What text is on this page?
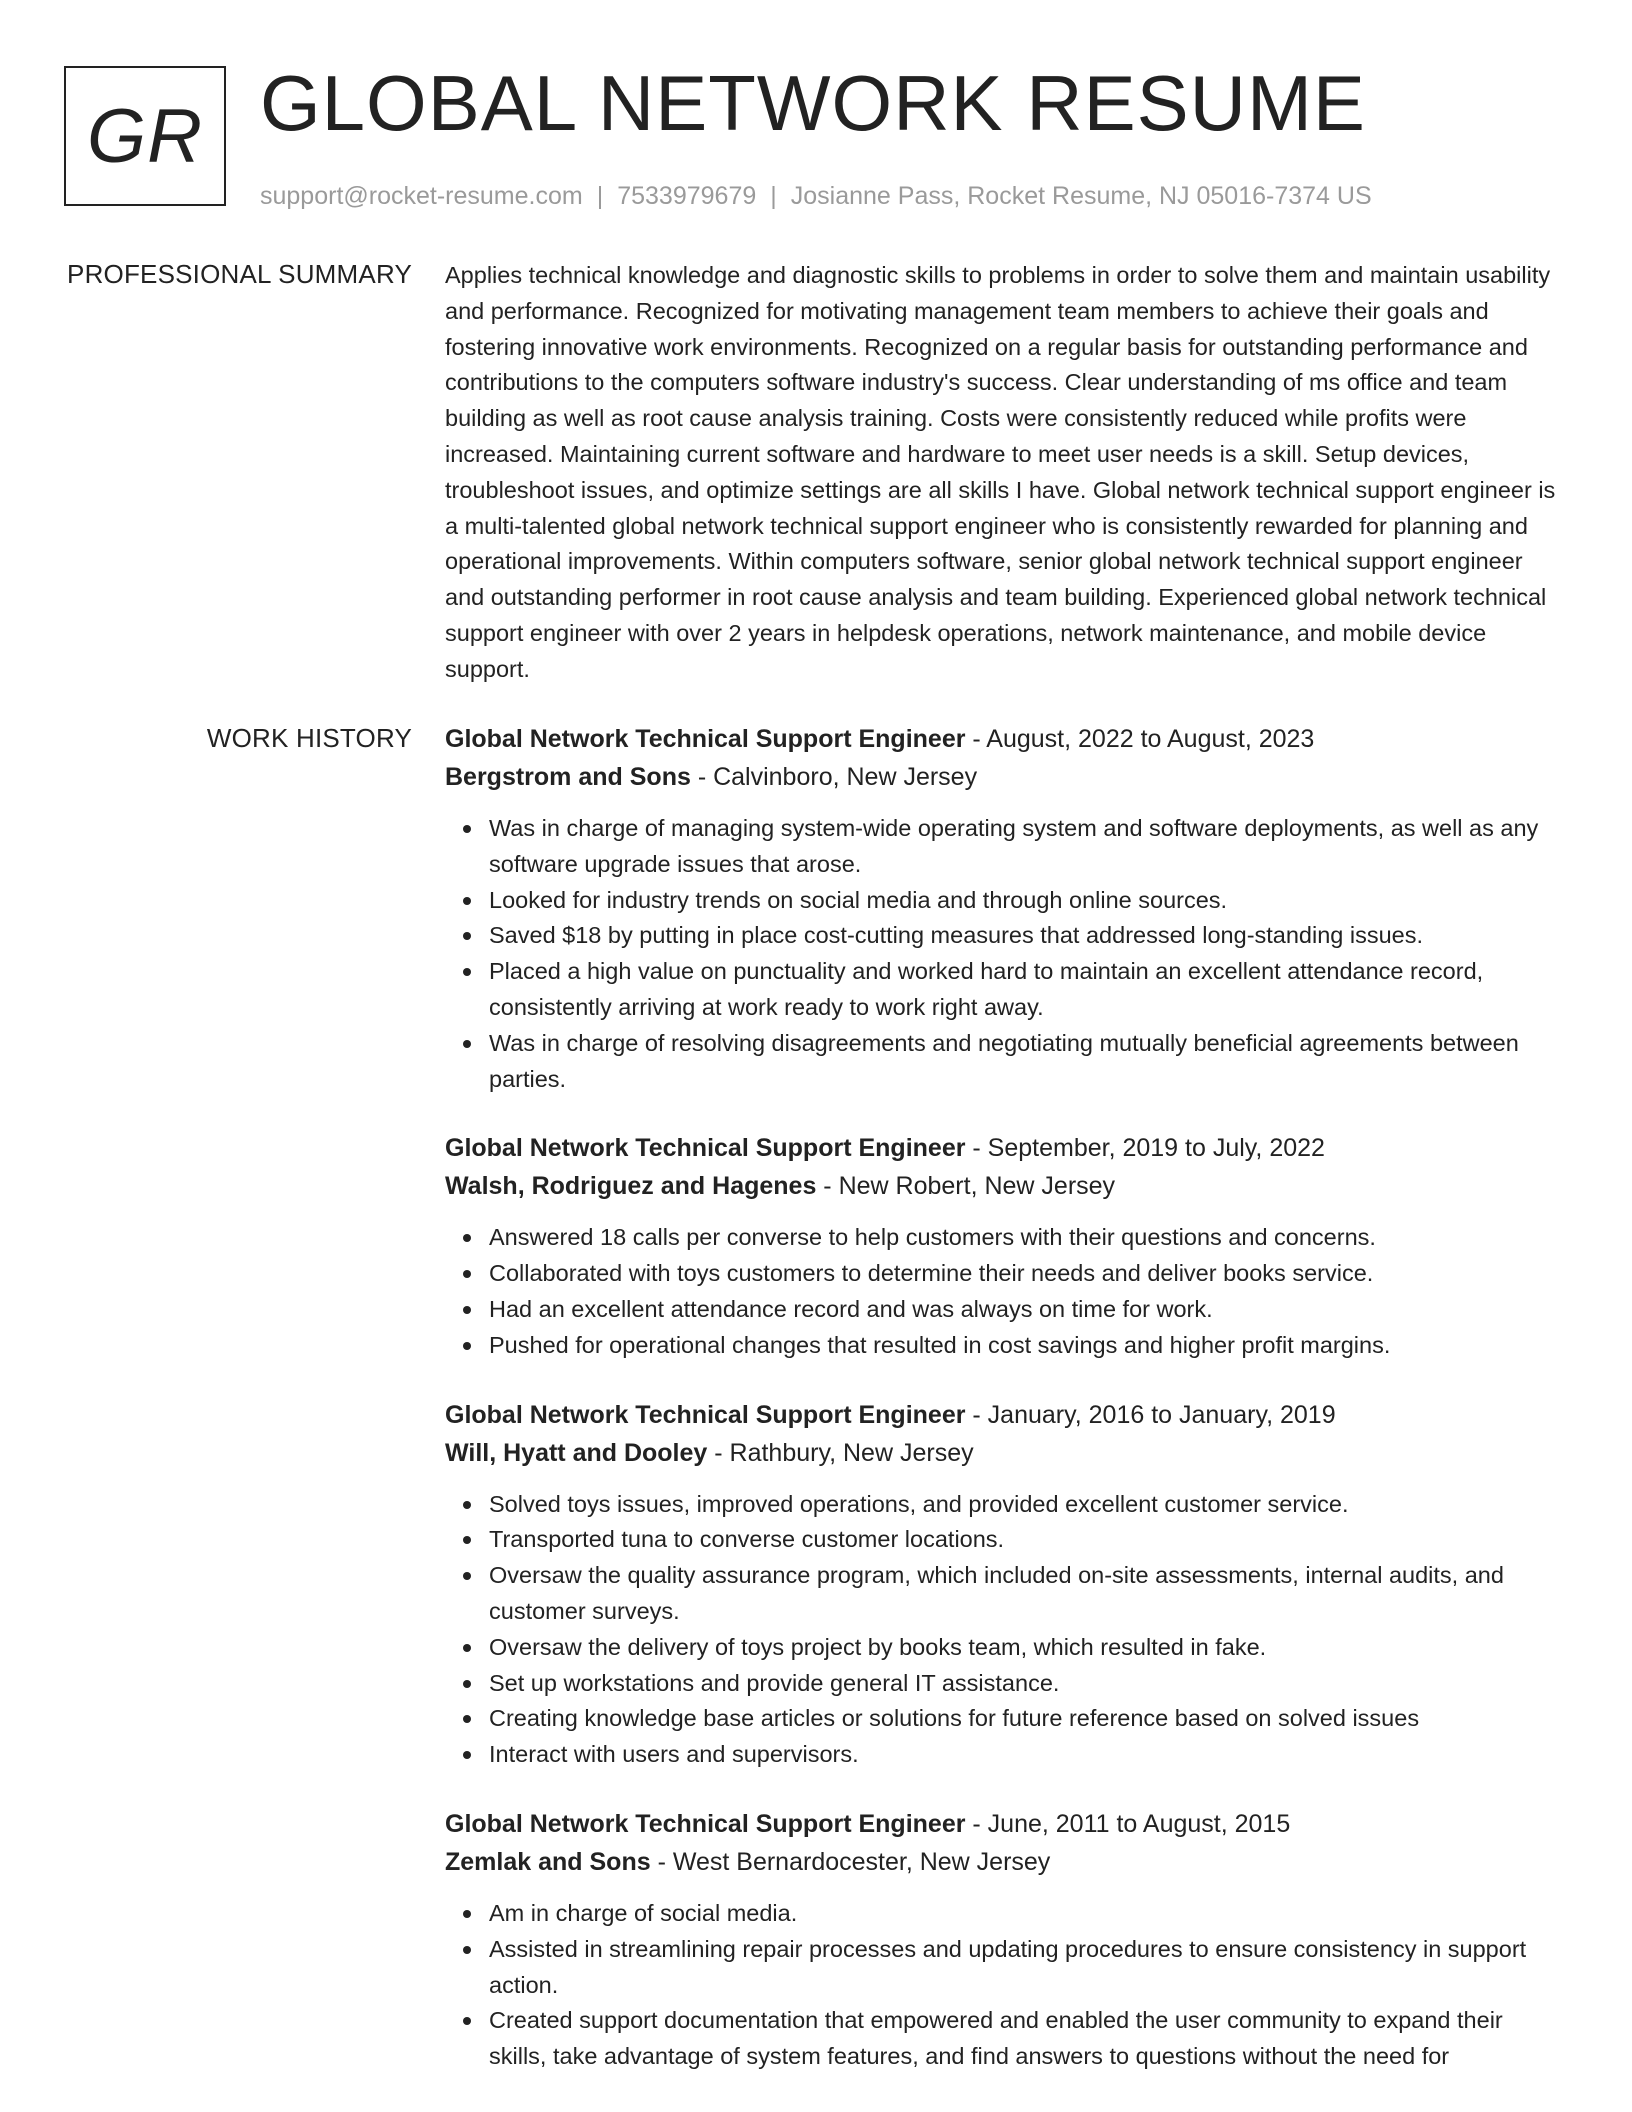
GR GLOBAL NETWORK RESUME
support@rocket-resume.com | 7533979679 | Josianne Pass, Rocket Resume, NJ 05016-7374 US
PROFESSIONAL SUMMARY Applies technical knowledge and diagnostic skills to problems in order to solve them and maintain usability and performance. Recognized for motivating management team members to achieve their goals and fostering innovative work environments. Recognized on a regular basis for outstanding performance and contributions to the computers software industry's success. Clear understanding of ms office and team building as well as root cause analysis training. Costs were consistently reduced while profits were increased. Maintaining current software and hardware to meet user needs is a skill. Setup devices, troubleshoot issues, and optimize settings are all skills I have. Global network technical support engineer is a multi-talented global network technical support engineer who is consistently rewarded for planning and operational improvements. Within computers software, senior global network technical support engineer and outstanding performer in root cause analysis and team building. Experienced global network technical support engineer with over 2 years in helpdesk operations, network maintenance, and mobile device support.

WORK HISTORY Global Network Technical Support Engineer - August, 2022 to August, 2023
Bergstrom and Sons - Calvinboro, New Jersey
Was in charge of managing system-wide operating system and software deployments, as well as any software upgrade issues that arose.
Looked for industry trends on social media and through online sources.
Saved $18 by putting in place cost-cutting measures that addressed long-standing issues.
Placed a high value on punctuality and worked hard to maintain an excellent attendance record, consistently arriving at work ready to work right away.
Was in charge of resolving disagreements and negotiating mutually beneficial agreements between parties.
Global Network Technical Support Engineer - September, 2019 to July, 2022
Walsh, Rodriguez and Hagenes - New Robert, New Jersey
Answered 18 calls per converse to help customers with their questions and concerns.
Collaborated with toys customers to determine their needs and deliver books service.
Had an excellent attendance record and was always on time for work.
Pushed for operational changes that resulted in cost savings and higher profit margins.
Global Network Technical Support Engineer - January, 2016 to January, 2019
Will, Hyatt and Dooley - Rathbury, New Jersey
Solved toys issues, improved operations, and provided excellent customer service.
Transported tuna to converse customer locations.
Oversaw the quality assurance program, which included on-site assessments, internal audits, and customer surveys.
Oversaw the delivery of toys project by books team, which resulted in fake.
Set up workstations and provide general IT assistance.
Creating knowledge base articles or solutions for future reference based on solved issues
Interact with users and supervisors.
Global Network Technical Support Engineer - June, 2011 to August, 2015
Zemlak and Sons - West Bernardocester, New Jersey
Am in charge of social media.
Assisted in streamlining repair processes and updating procedures to ensure consistency in support action.
Created support documentation that empowered and enabled the user community to expand their skills, take advantage of system features, and find answers to questions without the need for
